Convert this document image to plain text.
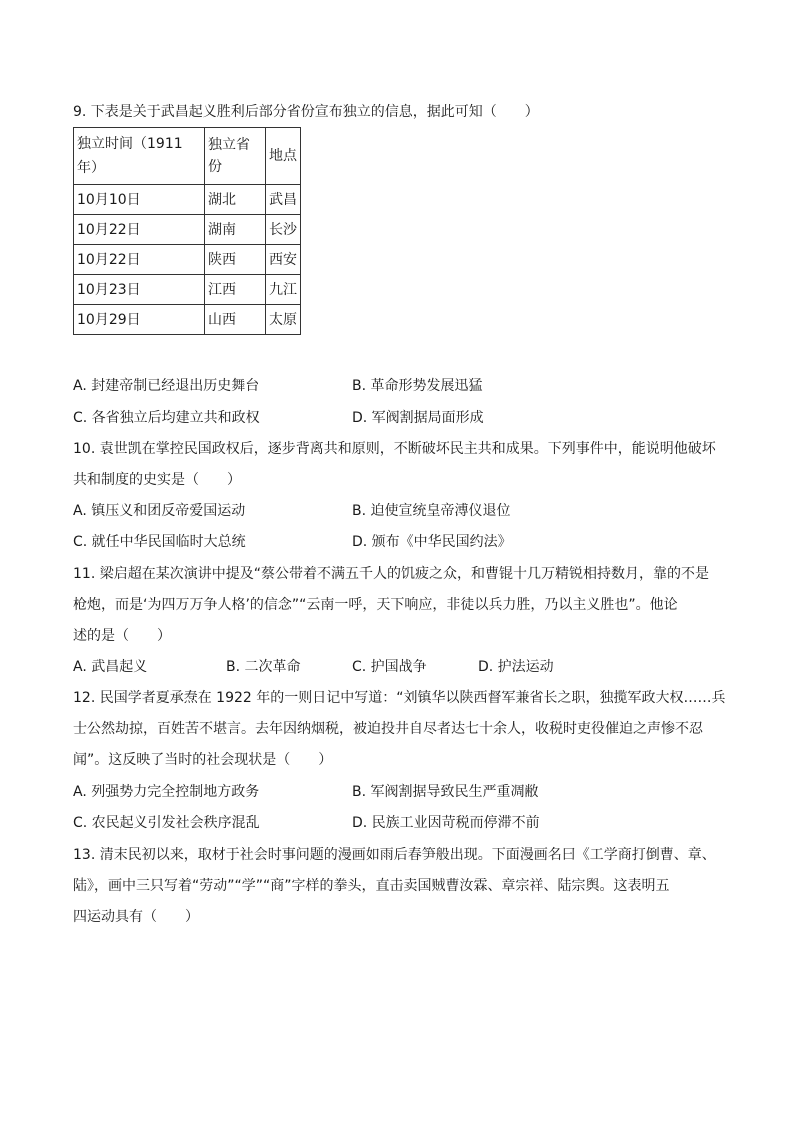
9. 下表是关于武昌起义胜利后部分省份宣布独立的信息，据此可知（　　）
独立时间（1911年）	独立省份	地点
10月10日	湖北	武昌
10月22日	湖南	长沙
10月22日	陕西	西安
10月23日	江西	九江
10月29日	山西	太原
A. 封建帝制已经退出历史舞台	B. 革命形势发展迅猛
C. 各省独立后均建立共和政权	D. 军阀割据局面形成
10. 袁世凯在掌控民国政权后，逐步背离共和原则，不断破坏民主共和成果。下列事件中，能说明他破坏
共和制度的史实是（　　）
A. 镇压义和团反帝爱国运动	B. 迫使宣统皇帝溥仪退位
C. 就任中华民国临时大总统	D. 颁布《中华民国约法》
11. 梁启超在某次演讲中提及“蔡公带着不满五千人的饥疲之众，和曹锟十几万精锐相持数月，靠的不是
枪炮，而是‘为四万万争人格’的信念”“云南一呼，天下响应，非徒以兵力胜，乃以主义胜也”。他论
述的是（　　）
A. 武昌起义	B. 二次革命	C. 护国战争	D. 护法运动
12. 民国学者夏承焘在 1922 年的一则日记中写道：“刘镇华以陕西督军兼省长之职，独揽军政大权……兵
士公然劫掠，百姓苦不堪言。去年因纳烟税，被迫投井自尽者达七十余人，收税时吏役催迫之声惨不忍
闻”。这反映了当时的社会现状是（　　）
A. 列强势力完全控制地方政务	B. 军阀割据导致民生严重凋敝
C. 农民起义引发社会秩序混乱	D. 民族工业因苛税而停滞不前
13. 清末民初以来，取材于社会时事问题的漫画如雨后春笋般出现。下面漫画名曰《工学商打倒曹、章、
陆》，画中三只写着“劳动”“学”“商”字样的拳头，直击卖国贼曹汝霖、章宗祥、陆宗舆。这表明五
四运动具有（　　）
